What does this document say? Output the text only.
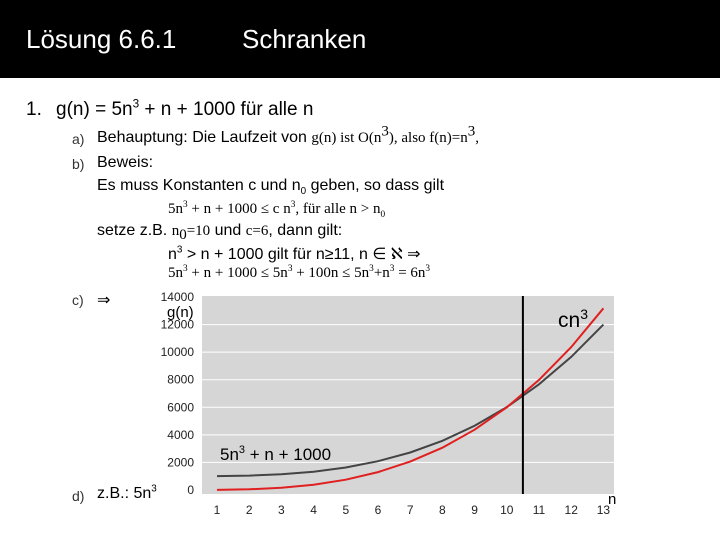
Lösung 6.6.1	Schranken
1. $g(n) = 5n^3 + n + 1000$ für alle n
a) Behauptung: Die Laufzeit von g(n) ist $O(n^3)$, also $f(n)=n^3$,
b) Beweis:
Es muss Konstanten c und $n_0$ geben, so dass gilt
$5n^3 + n + 1000 \le c$ $n^3$, für alle $n > n_0$
setze z.B. $n_0=10$ und c=6, dann gilt:
$n^3 > n + 1000$ gilt für n≥11, n ∈ ℵ ⇒
$5n^3 + n + 1000 \le 5n^3 + 100n \le 5n^3+n^3 = 6n^3$
c) ⇒
d) z.B.: $5n^3$	0
2000
4000
6000
8000
10000
12000
14000
1 2 3 4 5 6 7 8 9 10 11 12 13
g(n)	$cn^3$
$5n^3 + n + 1000$
n
